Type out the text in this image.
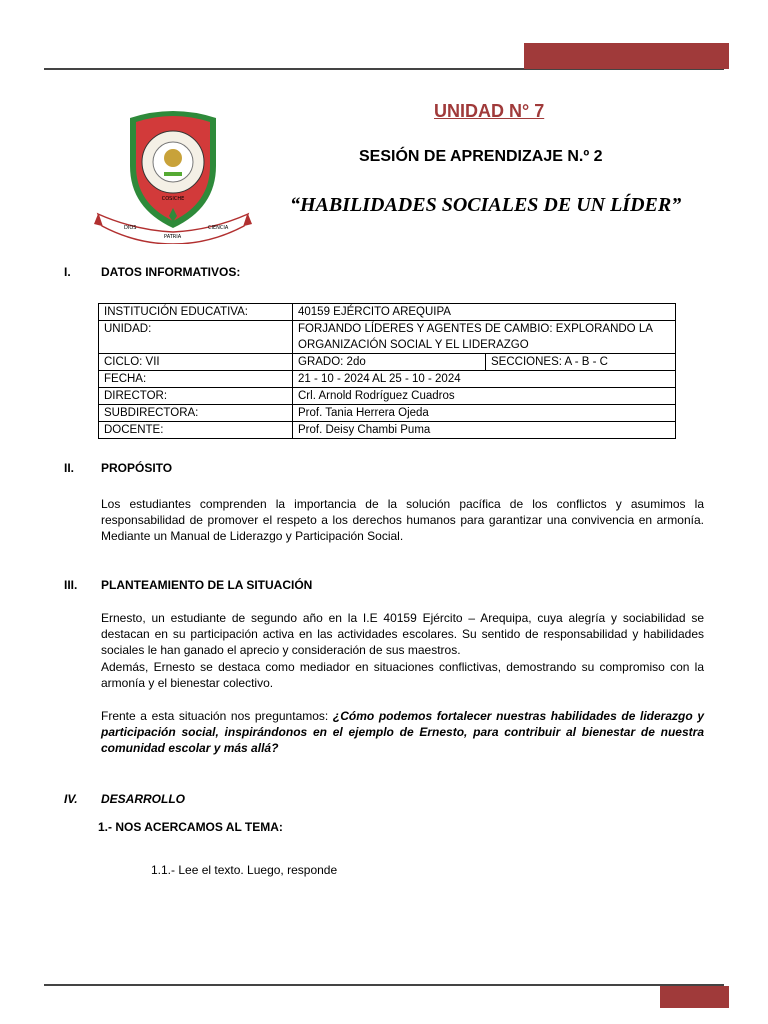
COSICHE
DIOS
PATRIA
CIENCIA
UNIDAD N° 7
SESIÓN DE APRENDIZAJE N.º 2
“HABILIDADES SOCIALES DE UN LÍDER”
I.	DATOS INFORMATIVOS:
INSTITUCIÓN EDUCATIVA:	40159 EJÉRCITO AREQUIPA	
UNIDAD:	FORJANDO LÍDERES Y AGENTES DE CAMBIO: EXPLORANDO LA ORGANIZACIÓN SOCIAL Y EL LIDERAZGO	
CICLO: VII	GRADO: 2do	SECCIONES: A - B - C
FECHA:	21 - 10 - 2024 AL 25 - 10 - 2024	
DIRECTOR:	Crl. Arnold Rodríguez Cuadros	
SUBDIRECTORA:	Prof. Tania Herrera Ojeda	
DOCENTE:	Prof. Deisy Chambi Puma	
II. PROPÓSITO
Los estudiantes comprenden la importancia de la solución pacífica de los conflictos y asumimos la responsabilidad de promover el respeto a los derechos humanos para garantizar una convivencia en armonía. Mediante un Manual de Liderazgo y Participación Social.
III. PLANTEAMIENTO DE LA SITUACIÓN
Ernesto, un estudiante de segundo año en la I.E 40159 Ejército – Arequipa, cuya alegría y sociabilidad se destacan en su participación activa en las actividades escolares. Su sentido de responsabilidad y habilidades sociales le han ganado el aprecio y consideración de sus maestros.
Además, Ernesto se destaca como mediador en situaciones conflictivas, demostrando su compromiso con la armonía y el bienestar colectivo.
Frente a esta situación nos preguntamos: ¿Cómo podemos fortalecer nuestras habilidades de liderazgo y participación social, inspirándonos en el ejemplo de Ernesto, para contribuir al bienestar de nuestra comunidad escolar y más allá?
IV. DESARROLLO
1.- NOS ACERCAMOS AL TEMA:
1.1.- Lee el texto. Luego, responde
